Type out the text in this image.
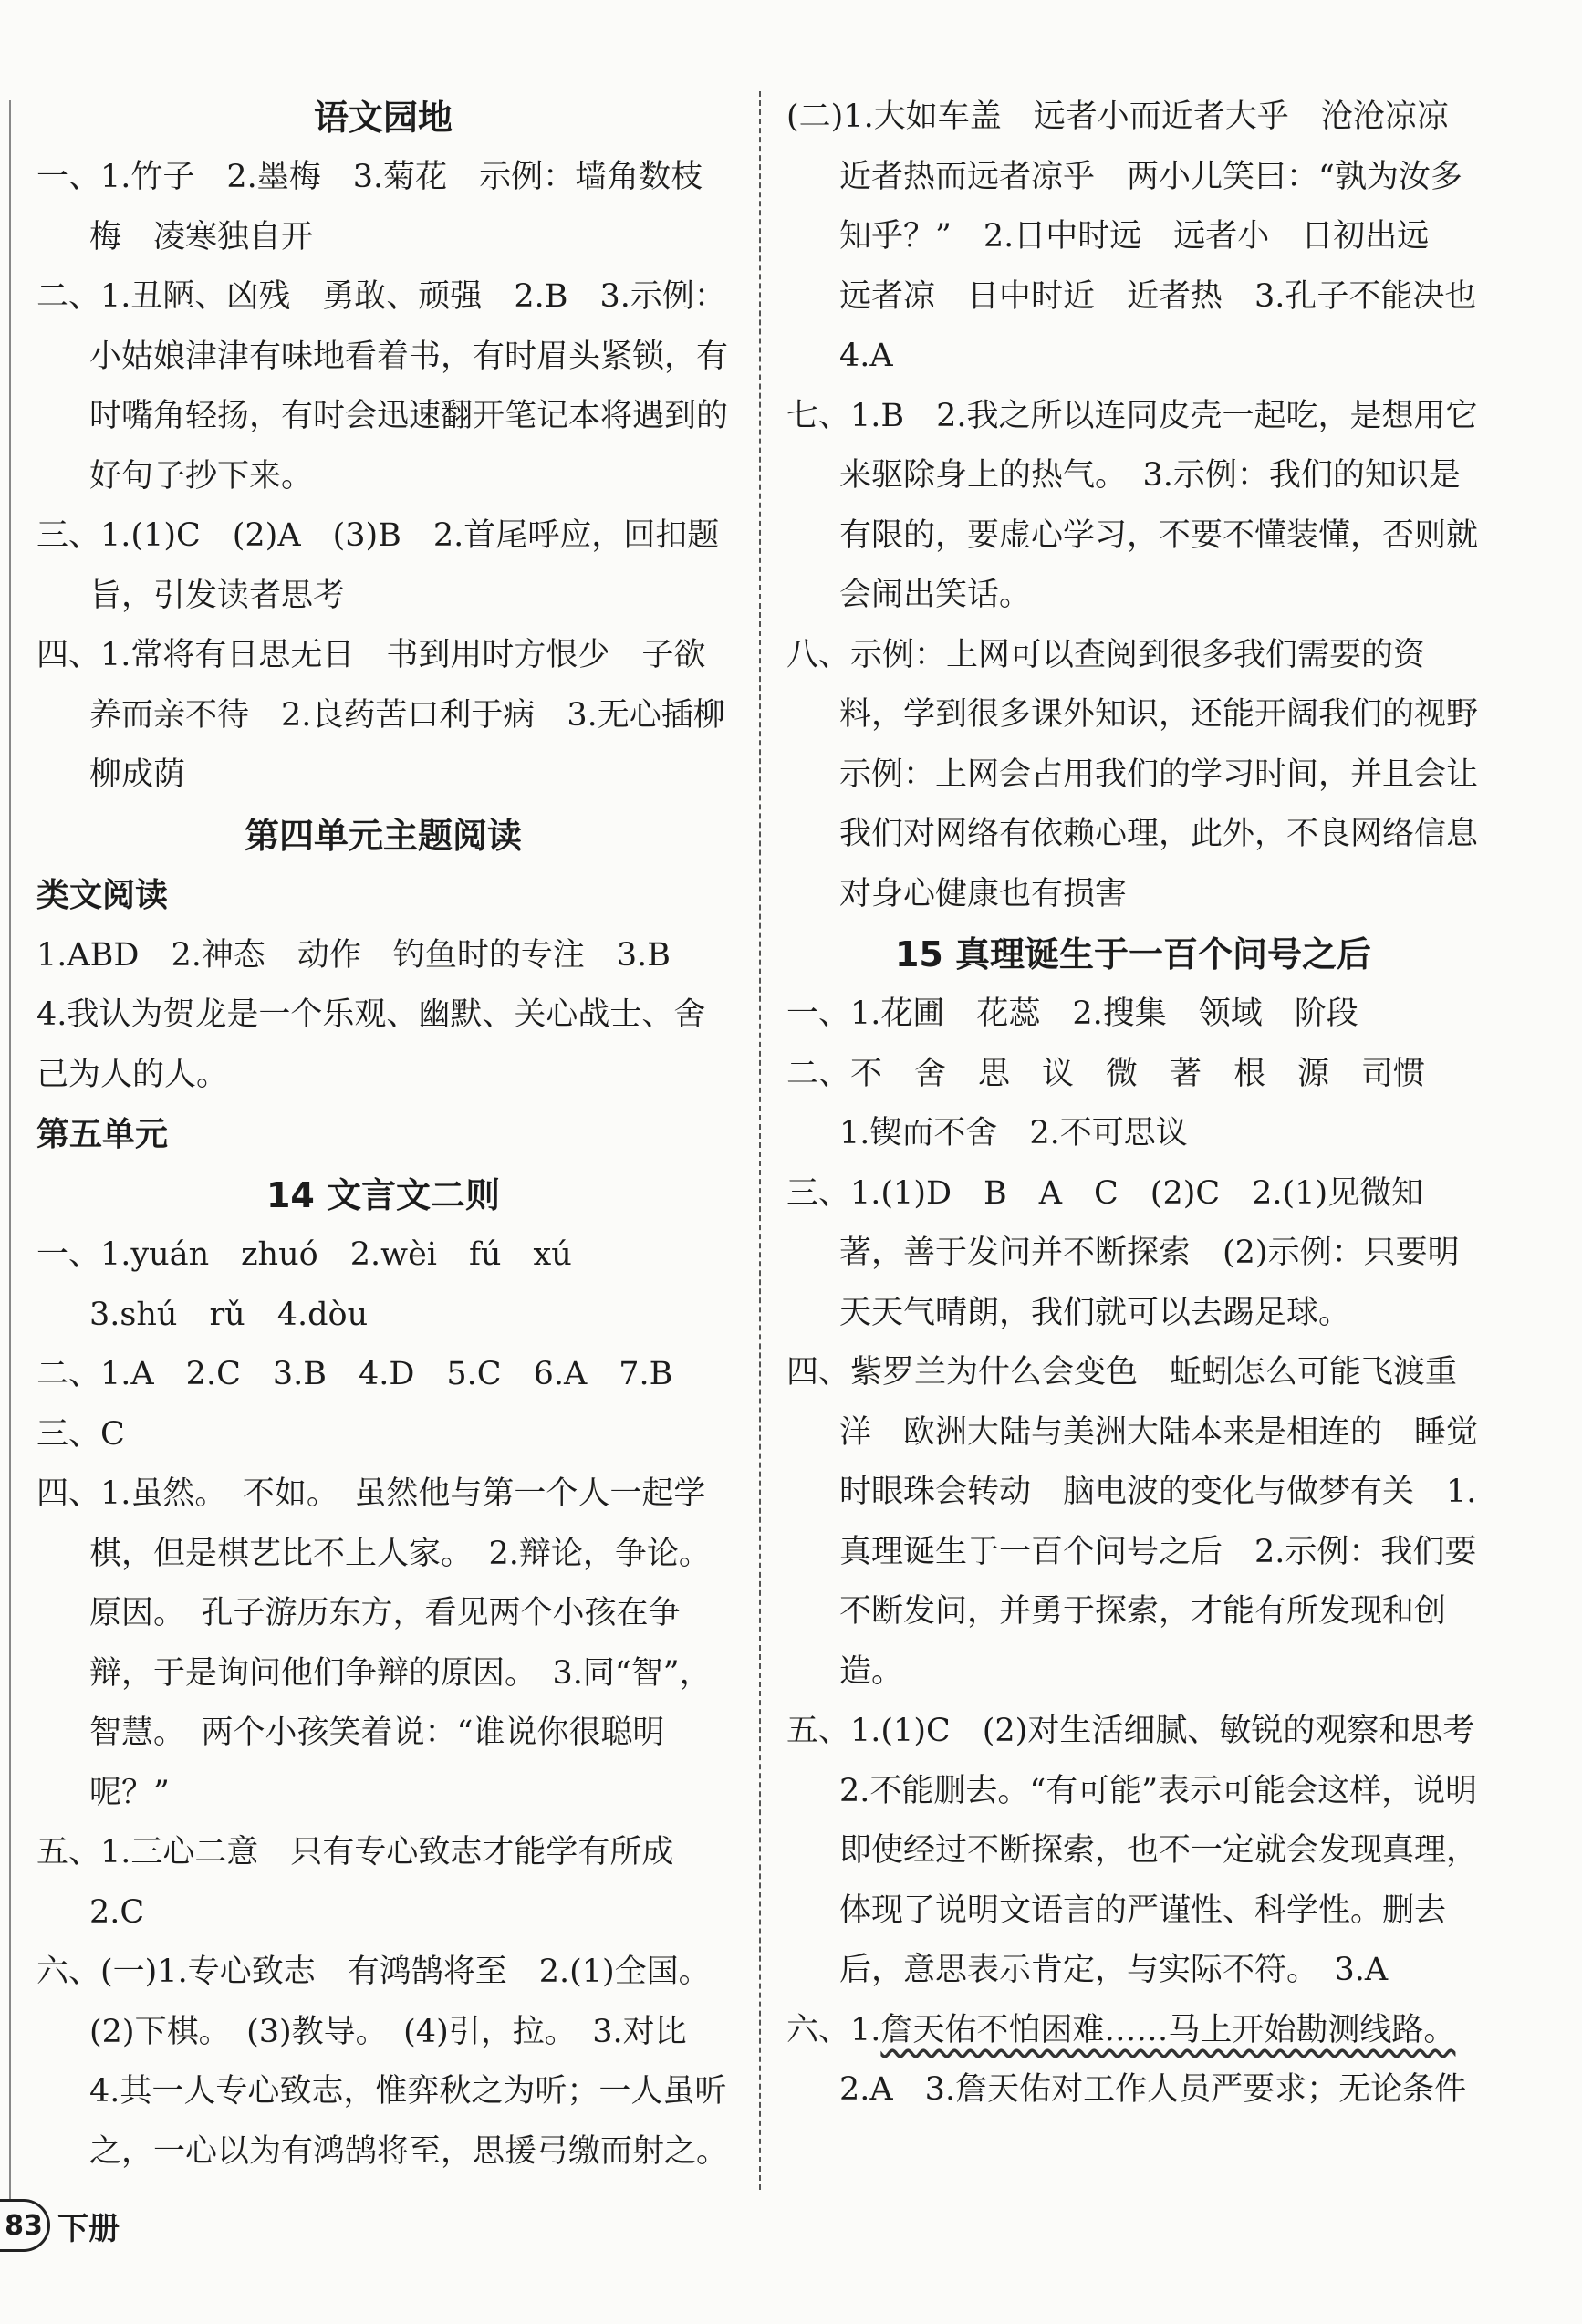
语文园地

一、1.竹子　2.墨梅　3.菊花　示例：墙角数枝梅　凌寒独自开

二、1.丑陋、凶残　勇敢、顽强　2.B　3.示例：小姑娘津津有味地看着书，有时眉头紧锁，有时嘴角轻扬，有时会迅速翻开笔记本将遇到的好句子抄下来。

三、1.(1)C　(2)A　(3)B　2.首尾呼应，回扣题旨，引发读者思考

四、1.常将有日思无日　书到用时方恨少　子欲养而亲不待　2.良药苦口利于病　3.无心插柳柳成荫

第四单元主题阅读

类文阅读

1.ABD　2.神态　动作　钓鱼时的专注　3.B

4.我认为贺龙是一个乐观、幽默、关心战士、舍己为人的人。

第五单元

14 文言文二则

一、1.yuán　zhuó　2.wèi　fú　xú

3.shú　rǔ　4.dòu

二、1.A　2.C　3.B　4.D　5.C　6.A　7.B

三、C

四、1.虽然。　不如。　虽然他与第一个人一起学棋，但是棋艺比不上人家。　2.辩论，争论。　原因。　孔子游历东方，看见两个小孩在争辩，于是询问他们争辩的原因。　3.同“智”，智慧。　两个小孩笑着说：“谁说你很聪明呢？”

五、1.三心二意　只有专心致志才能学有所成　2.C

六、(一)1.专心致志　有鸿鹄将至　2.(1)全国。(2)下棋。　(3)教导。　(4)引，拉。　3.对比　4.其一人专心致志，惟弈秋之为听；一人虽听之，一心以为有鸿鹄将至，思援弓缴而射之。

(二)1.大如车盖　远者小而近者大乎　沧沧凉凉　近者热而远者凉乎　两小儿笑曰：“孰为汝多知乎？”　2.日中时远　远者小　日初出远　远者凉　日中时近　近者热　3.孔子不能决也　4.A

七、1.B　2.我之所以连同皮壳一起吃，是想用它来驱除身上的热气。　3.示例：我们的知识是有限的，要虚心学习，不要不懂装懂，否则就会闹出笑话。

八、示例：上网可以查阅到很多我们需要的资料，学到很多课外知识，还能开阔我们的视野　示例：上网会占用我们的学习时间，并且会让我们对网络有依赖心理，此外，不良网络信息对身心健康也有损害

15 真理诞生于一百个问号之后

一、1.花圃　花蕊　2.搜集　领域　阶段

二、不　舍　思　议　微　著　根　源　司惯　1.锲而不舍　2.不可思议

三、1.(1)D　B　A　C　(2)C　2.(1)见微知著，善于发问并不断探索　(2)示例：只要明天天气晴朗，我们就可以去踢足球。

四、紫罗兰为什么会变色　蚯蚓怎么可能飞渡重洋　欧洲大陆与美洲大陆本来是相连的　睡觉时眼珠会转动　脑电波的变化与做梦有关　1.真理诞生于一百个问号之后　2.示例：我们要不断发问，并勇于探索，才能有所发现和创造。

五、1.(1)C　(2)对生活细腻、敏锐的观察和思考　2.不能删去。“有可能”表示可能会这样，说明即使经过不断探索，也不一定就会发现真理，体现了说明文语言的严谨性、科学性。删去后，意思表示肯定，与实际不符。　3.A

六、1.詹天佑不怕困难……马上开始勘测线路。
2.A　3.詹天佑对工作人员严要求；无论条件

83 下册
